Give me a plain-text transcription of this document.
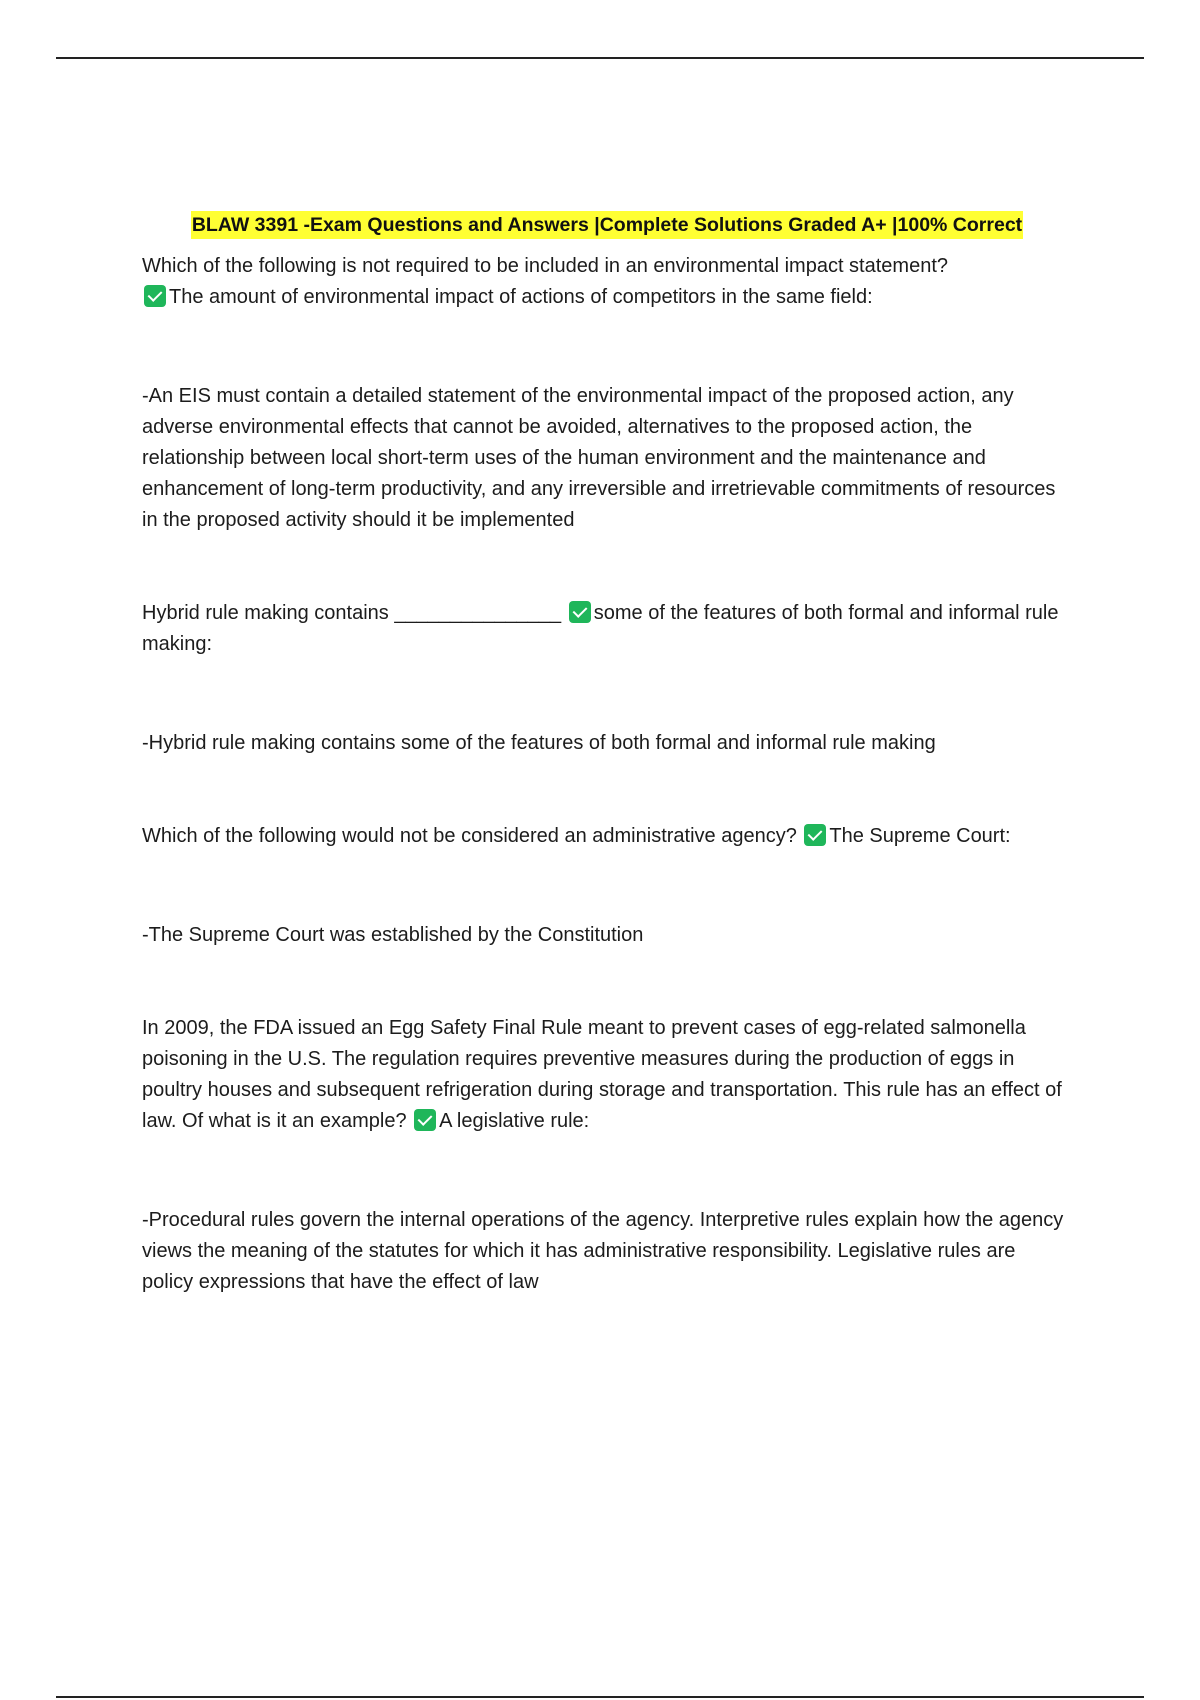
BLAW 3391 -Exam Questions and Answers |Complete Solutions Graded A+ |100% Correct

Which of the following is not required to be included in an environmental impact statement?
The amount of environmental impact of actions of competitors in the same field:

-An EIS must contain a detailed statement of the environmental impact of the proposed action, any adverse environmental effects that cannot be avoided, alternatives to the proposed action, the relationship between local short-term uses of the human environment and the maintenance and enhancement of long-term productivity, and any irreversible and irretrievable commitments of resources in the proposed activity should it be implemented

Hybrid rule making contains _______________ some of the features of both formal and informal rule making:

-Hybrid rule making contains some of the features of both formal and informal rule making

Which of the following would not be considered an administrative agency? The Supreme Court:

-The Supreme Court was established by the Constitution

In 2009, the FDA issued an Egg Safety Final Rule meant to prevent cases of egg-related salmonella poisoning in the U.S. The regulation requires preventive measures during the production of eggs in poultry houses and subsequent refrigeration during storage and transportation. This rule has an effect of law. Of what is it an example? A legislative rule:

-Procedural rules govern the internal operations of the agency. Interpretive rules explain how the agency views the meaning of the statutes for which it has administrative responsibility. Legislative rules are policy expressions that have the effect of law
